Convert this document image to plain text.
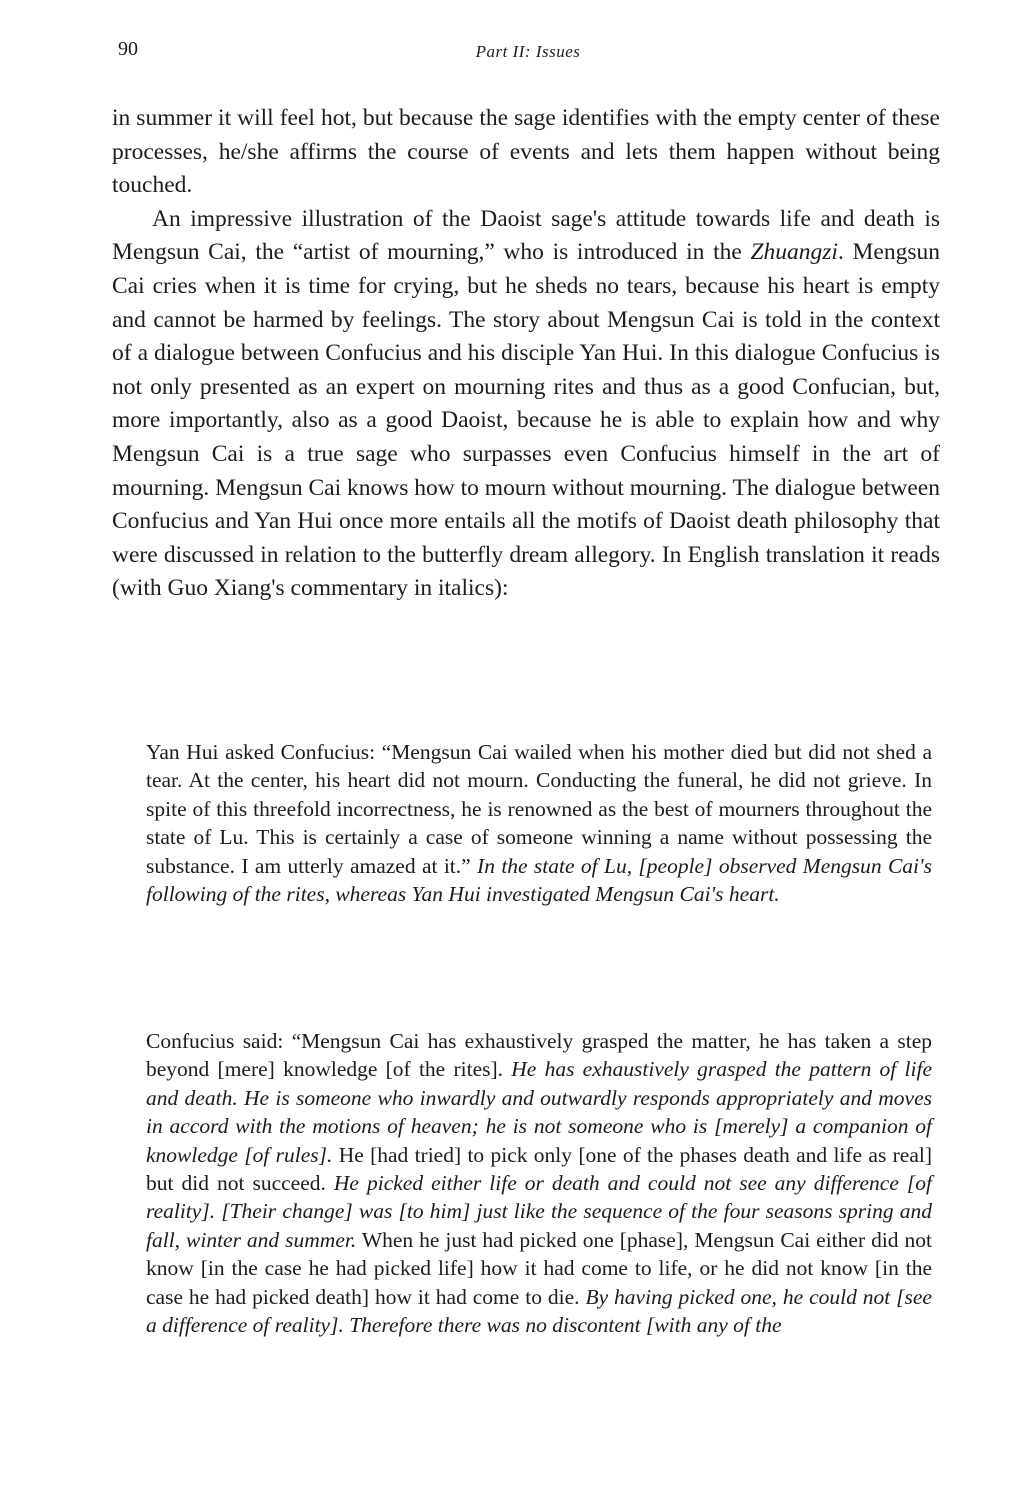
90	Part II: Issues

in summer it will feel hot, but because the sage identifies with the empty center of these processes, he/she affirms the course of events and lets them happen without being touched.

An impressive illustration of the Daoist sage's attitude towards life and death is Mengsun Cai, the “artist of mourning,” who is introduced in the Zhuangzi. Mengsun Cai cries when it is time for crying, but he sheds no tears, because his heart is empty and cannot be harmed by feelings. The story about Mengsun Cai is told in the context of a dialogue between Confucius and his disciple Yan Hui. In this dialogue Confucius is not only presented as an expert on mourning rites and thus as a good Confucian, but, more importantly, also as a good Daoist, because he is able to explain how and why Mengsun Cai is a true sage who surpasses even Confucius himself in the art of mourning. Mengsun Cai knows how to mourn without mourning. The dialogue between Confucius and Yan Hui once more entails all the motifs of Daoist death philosophy that were discussed in relation to the butterfly dream allegory. In English translation it reads (with Guo Xiang's commentary in italics):

Yan Hui asked Confucius: “Mengsun Cai wailed when his mother died but did not shed a tear. At the center, his heart did not mourn. Conducting the funeral, he did not grieve. In spite of this threefold incorrectness, he is renowned as the best of mourners throughout the state of Lu. This is certainly a case of someone winning a name without possessing the substance. I am utterly amazed at it.” In the state of Lu, [people] observed Mengsun Cai's following of the rites, whereas Yan Hui investigated Mengsun Cai's heart.

Confucius said: “Mengsun Cai has exhaustively grasped the matter, he has taken a step beyond [mere] knowledge [of the rites]. He has exhaustively grasped the pattern of life and death. He is someone who inwardly and outwardly responds appropriately and moves in accord with the motions of heaven; he is not someone who is [merely] a companion of knowledge [of rules]. He [had tried] to pick only [one of the phases death and life as real] but did not succeed. He picked either life or death and could not see any difference [of reality]. [Their change] was [to him] just like the sequence of the four seasons spring and fall, winter and summer. When he just had picked one [phase], Mengsun Cai either did not know [in the case he had picked life] how it had come to life, or he did not know [in the case he had picked death] how it had come to die. By having picked one, he could not [see a difference of reality]. Therefore there was no discontent [with any of the
